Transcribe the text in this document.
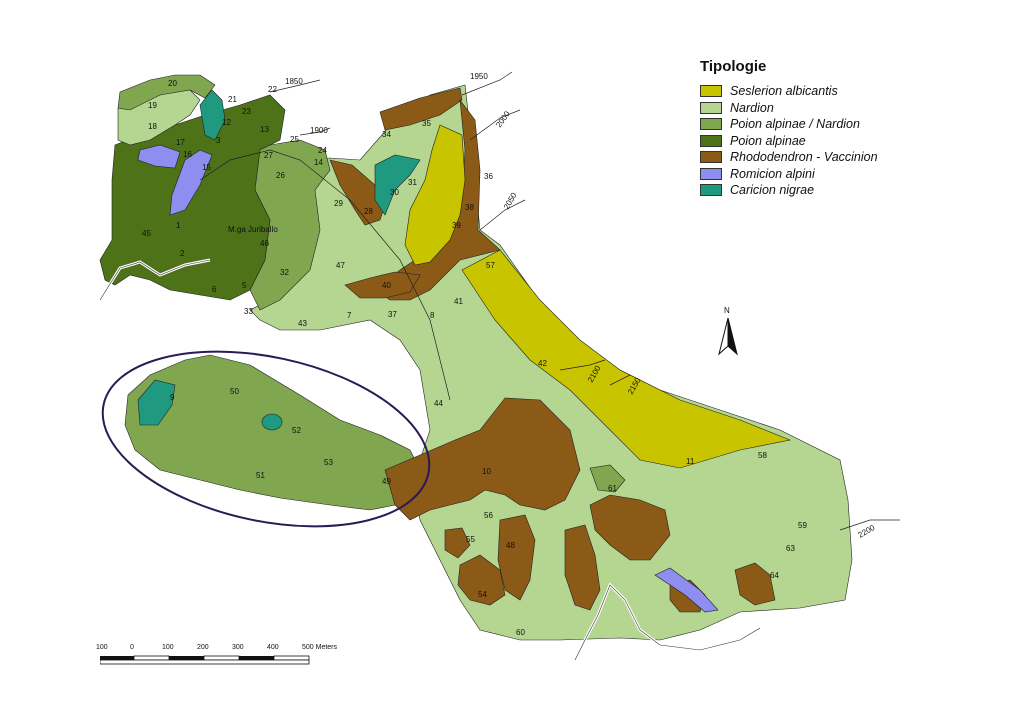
1850
1900
1950
2000
2050
2100
2150
2200
M.ga Juriballo
1
2
3
5
6
7	8
9
10
11
12
13
14
15
16
17
18
19
20
21
22
23
24
25
26
27
28
29
30
31
32
33
34
35
36
37
38
39
40
41
42
43
44
45
46
47
48
49
50
51
52
53
54
55
56
57
58
59
60
61
63
64
Tipologie
Seslerion albicantis
Nardion
Poion alpinae / Nardion
Poion alpinae
Rhododendron - Vaccinion
Romicion alpini
Caricion nigrae
N
100	0	100	200	300	400	500 Meters
